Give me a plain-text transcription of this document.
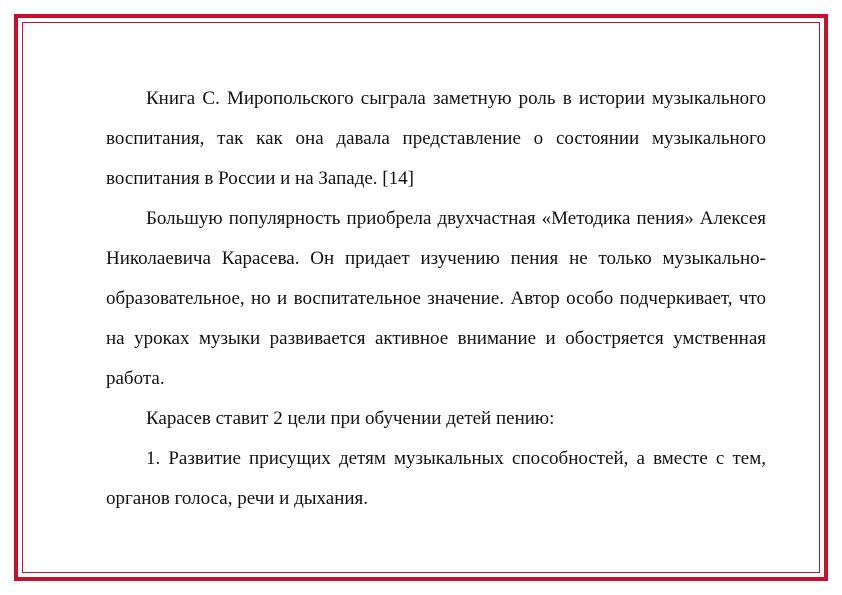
Книга С. Миропольского сыграла заметную роль в истории музыкального воспитания, так как она давала представление о состоянии музыкального воспитания в России и на Западе. [14]

Большую популярность приобрела двухчастная «Методика пения» Алексея Николаевича Карасева. Он придает изучению пения не только музыкально-образовательное, но и воспитательное значение. Автор особо подчеркивает, что на уроках музыки развивается активное внимание и обостряется умственная работа.

Карасев ставит 2 цели при обучении детей пению:

1. Развитие присущих детям музыкальных способностей, а вместе с тем, органов голоса, речи и дыхания.
